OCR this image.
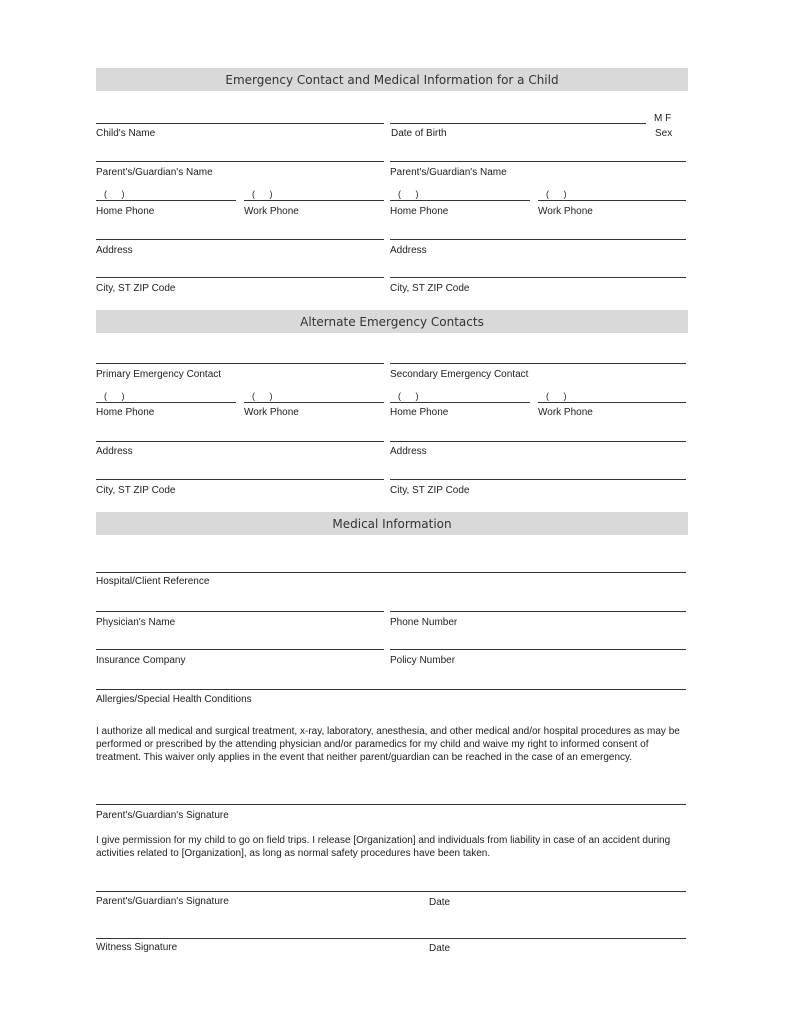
Emergency Contact and Medical Information for a Child
M F
Child's Name	Date of Birth	Sex
Parent's/Guardian's Name	Parent's/Guardian's Name
( )	( )	( )	( )
Home Phone	Work Phone	Home Phone	Work Phone
Address	Address
City, ST ZIP Code	City, ST ZIP Code
Alternate Emergency Contacts
Primary Emergency Contact	Secondary Emergency Contact
( )	( )	( )	( )
Home Phone	Work Phone	Home Phone	Work Phone
Address	Address
City, ST ZIP Code	City, ST ZIP Code
Medical Information
Hospital/Client Reference
Physician's Name	Phone Number
Insurance Company	Policy Number
Allergies/Special Health Conditions
I authorize all medical and surgical treatment, x-ray, laboratory, anesthesia, and other medical and/or hospital procedures as may be performed or prescribed by the attending physician and/or paramedics for my child and waive my right to informed consent of treatment. This waiver only applies in the event that neither parent/guardian can be reached in the case of an emergency.
Parent's/Guardian's Signature
I give permission for my child to go on field trips. I release [Organization] and individuals from liability in case of an accident during activities related to [Organization], as long as normal safety procedures have been taken.
Parent's/Guardian's Signature	Date
Witness Signature	Date
